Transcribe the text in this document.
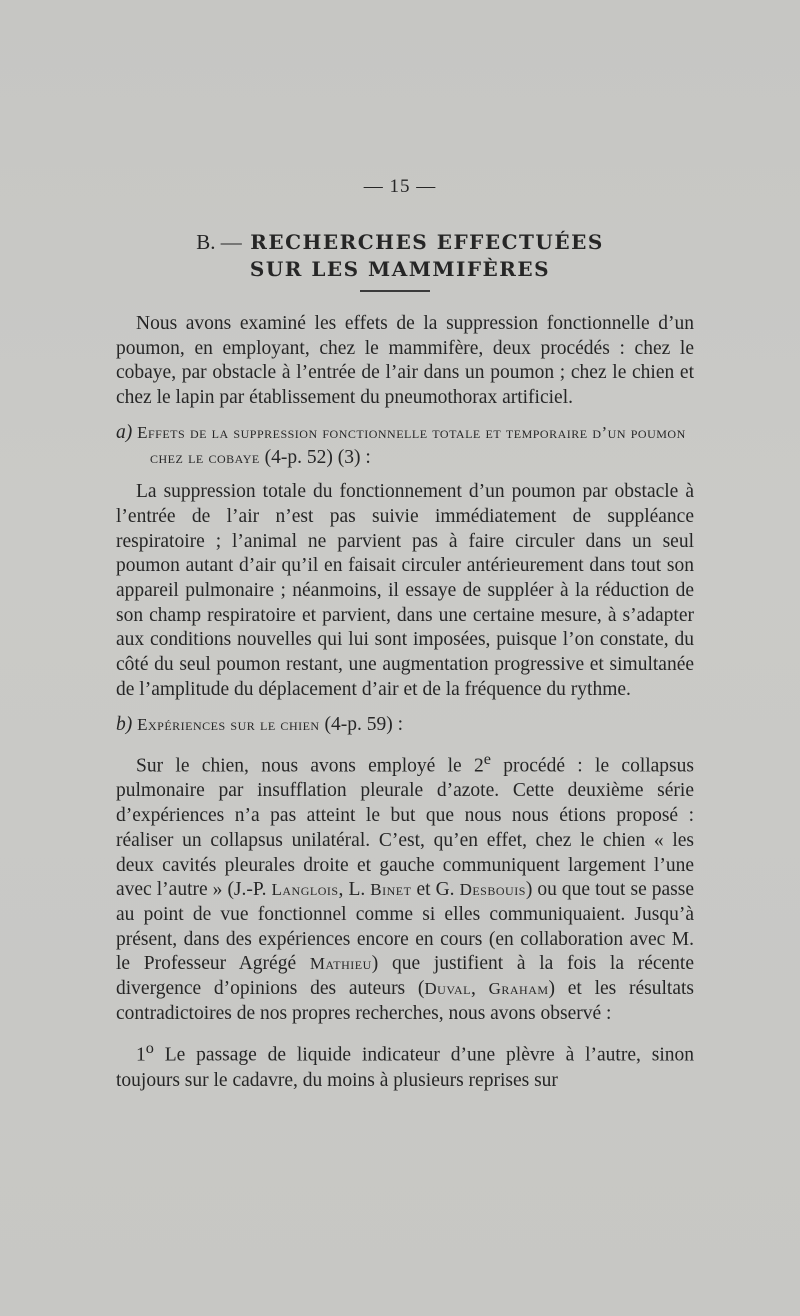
— 15 —
B. — RECHERCHES EFFECTUÉES
SUR LES MAMMIFÈRES

Nous avons examiné les effets de la suppression fonctionnelle d’un poumon, en employant, chez le mammifère, deux procédés : chez le cobaye, par obstacle à l’entrée de l’air dans un poumon ; chez le chien et chez le lapin par établissement du pneumothorax artificiel.

a) Effets de la suppression fonctionnelle totale et temporaire d’un poumon chez le cobaye (4-p. 52) (3) :

La suppression totale du fonctionnement d’un poumon par obstacle à l’entrée de l’air n’est pas suivie immédiatement de suppléance respiratoire ; l’animal ne parvient pas à faire circuler dans un seul poumon autant d’air qu’il en faisait circuler antérieurement dans tout son appareil pulmonaire ; néanmoins, il essaye de suppléer à la réduction de son champ respiratoire et parvient, dans une certaine mesure, à s’adapter aux conditions nouvelles qui lui sont imposées, puisque l’on constate, du côté du seul poumon restant, une augmentation progressive et simultanée de l’amplitude du déplacement d’air et de la fréquence du rythme.

b) Expériences sur le chien (4-p. 59) :

Sur le chien, nous avons employé le 2e procédé : le collapsus pulmonaire par insufflation pleurale d’azote. Cette deuxième série d’expériences n’a pas atteint le but que nous nous étions proposé : réaliser un collapsus unilatéral. C’est, qu’en effet, chez le chien « les deux cavités pleurales droite et gauche communiquent largement l’une avec l’autre » (J.-P. Langlois, L. Binet et G. Desbouis) ou que tout se passe au point de vue fonctionnel comme si elles communiquaient. Jusqu’à présent, dans des expériences encore en cours (en collaboration avec M. le Professeur Agrégé Mathieu) que justifient à la fois la récente divergence d’opinions des auteurs (Duval, Graham) et les résultats contradictoires de nos propres recherches, nous avons observé :

1$^o$ Le passage de liquide indicateur d’une plèvre à l’autre, sinon toujours sur le cadavre, du moins à plusieurs reprises sur
